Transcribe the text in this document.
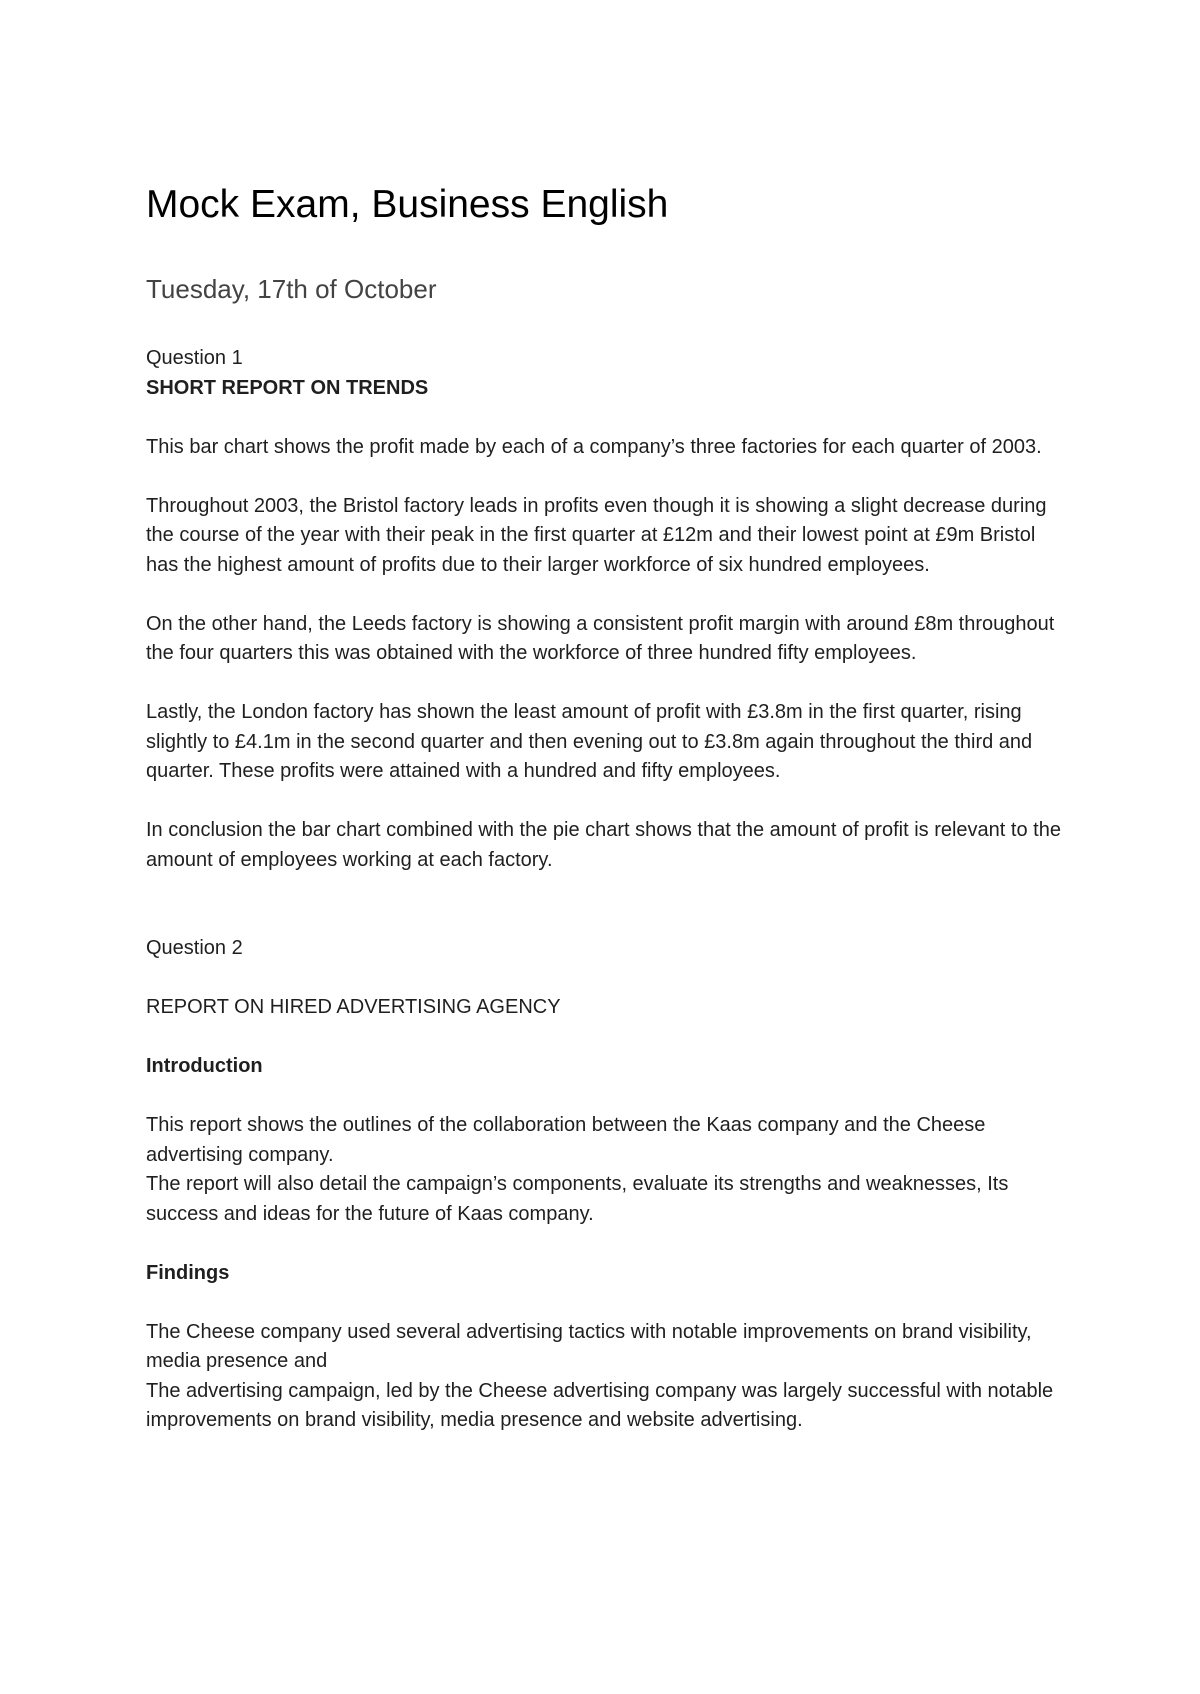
Mock Exam, Business English
Tuesday, 17th of October

Question 1

SHORT REPORT ON TRENDS

This bar chart shows the profit made by each of a company’s three factories for each quarter of 2003.

Throughout 2003, the Bristol factory leads in profits even though it is showing a slight decrease during the course of the year with their peak in the first quarter at £12m and their lowest point at £9m Bristol has the highest amount of profits due to their larger workforce of six hundred employees.

On the other hand, the Leeds factory is showing a consistent profit margin with around £8m throughout the four quarters this was obtained with the workforce of three hundred fifty employees.

Lastly, the London factory has shown the least amount of profit with £3.8m in the first quarter, rising slightly to £4.1m in the second quarter and then evening out to £3.8m again throughout the third and quarter. These profits were attained with a hundred and fifty employees.

In conclusion the bar chart combined with the pie chart shows that the amount of profit is relevant to the amount of employees working at each factory.

Question 2

REPORT ON HIRED ADVERTISING AGENCY

Introduction

This report shows the outlines of the collaboration between the Kaas company and the Cheese advertising company.

The report will also detail the campaign’s components, evaluate its strengths and weaknesses, Its success and ideas for the future of Kaas company.

Findings

The Cheese company used several advertising tactics with notable improvements on brand visibility, media presence and

The advertising campaign, led by the Cheese advertising company was largely successful with notable improvements on brand visibility, media presence and website advertising.
